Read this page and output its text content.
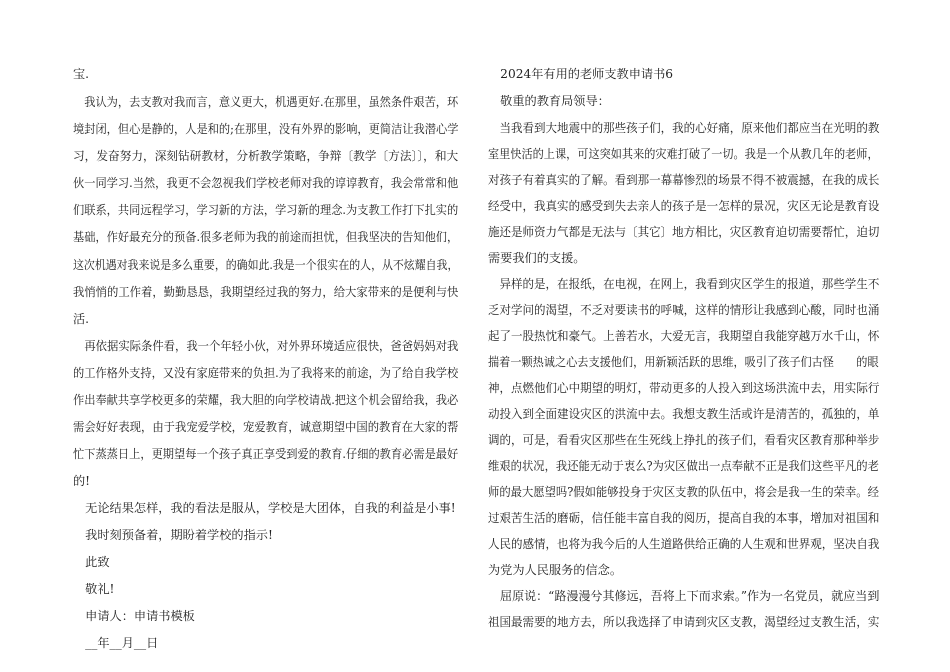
宝.
　我认为，去支教对我而言，意义更大，机遇更好.在那里，虽然条件艰苦，环
境封闭，但心是静的，人是和的;在那里，没有外界的影响，更简洁让我潜心学
习，发奋努力，深刻钻研教材，分析教学策略，争辩〔教学〔方法〕〕，和大
伙一同学习.当然，我更不会忽视我们学校老师对我的谆谆教育，我会常常和他
们联系，共同远程学习，学习新的方法，学习新的理念.为支教工作打下扎实的
基础，作好最充分的预备.很多老师为我的前途而担忧，但我坚决的告知他们，
这次机遇对我来说是多么重要，的确如此.我是一个很实在的人，从不炫耀自我，
我悄悄的工作着，勤勤恳恳，我期望经过我的努力，给大家带来的是便利与快
活.
　再依据实际条件看，我一个年轻小伙，对外界环境适应很快，爸爸妈妈对我
的工作格外支持，又没有家庭带来的负担.为了我将来的前途，为了给自我学校
作出奉献共享学校更多的荣耀，我大胆的向学校请战.把这个机会留给我，我必
需会好好表现，由于我宠爱学校，宠爱教育，诚意期望中国的教育在大家的帮
忙下蒸蒸日上，更期望每一个孩子真正享受到爱的教育.仔细的教育必需是最好
的!
　无论结果怎样，我的看法是服从，学校是大团体，自我的利益是小事!
　我时刻预备着，期盼着学校的指示!
　此致
　敬礼!
　申请人：申请书模板
　__年__月__日
　2024年有用的老师支教申请书6
　敬重的教育局领导：
　当我看到大地震中的那些孩子们，我的心好痛，原来他们都应当在光明的教
室里快活的上课，可这突如其来的灾难打破了一切。我是一个从教几年的老师，
对孩子有着真实的了解。看到那一幕幕惨烈的场景不得不被震撼，在我的成长
经受中，我真实的感受到失去亲人的孩子是一怎样的景况，灾区无论是教育设
施还是师资力气都是无法与〔其它〕地方相比，灾区教育迫切需要帮忙，迫切
需要我们的支援。
　异样的是，在报纸，在电视，在网上，我看到灾区学生的报道，那些学生不
乏对学问的渴望，不乏对要读书的呼喊，这样的情形让我感到心酸，同时也涌
起了一股热忱和豪气。上善若水，大爱无言，我期望自我能穿越万水千山，怀
揣着一颗热诚之心去支援他们，用新颖活跃的思维，吸引了孩子们古怪　　的眼
神，点燃他们心中期望的明灯，带动更多的人投入到这场洪流中去，用实际行
动投入到全面建设灾区的洪流中去。我想支教生活或许是清苦的，孤独的，单
调的，可是，看看灾区那些在生死线上挣扎的孩子们，看看灾区教育那种举步
维艰的状况，我还能无动于衷么?为灾区做出一点奉献不正是我们这些平凡的老
师的最大愿望吗?假如能够投身于灾区支教的队伍中，将会是我一生的荣幸。经
过艰苦生活的磨砺，信任能丰富自我的阅历，提高自我的本事，增加对祖国和
人民的感情，也将为我今后的人生道路供给正确的人生观和世界观，坚决自我
为党为人民服务的信念。
　屈原说：“路漫漫兮其修远，吾将上下而求索。”作为一名党员，就应当到
祖国最需要的地方去，所以我选择了申请到灾区支教，渴望经过支教生活，实
